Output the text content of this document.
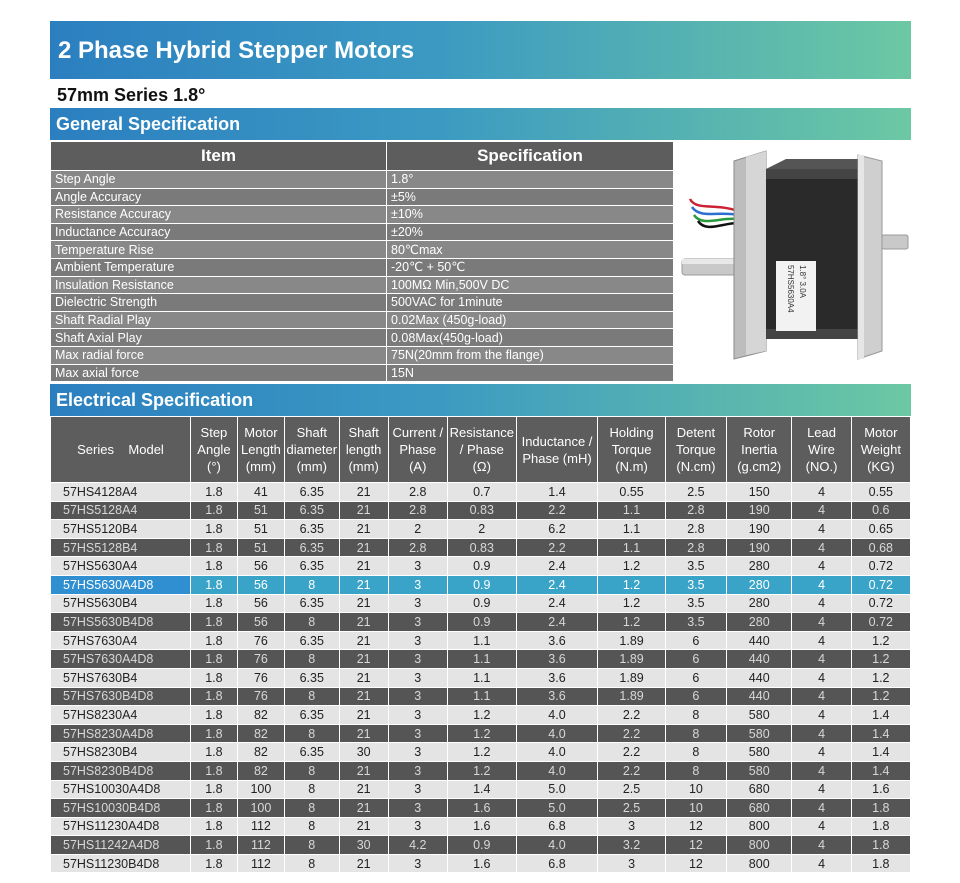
2 Phase Hybrid Stepper Motors
57mm Series 1.8°
General Specification
Item	Specification
Step Angle	1.8°
Angle Accuracy	±5%
Resistance Accuracy	±10%
Inductance Accuracy	±20%
Temperature Rise	80℃max
Ambient Temperature	-20℃ + 50℃
Insulation Resistance	100MΩ Min,500V DC
Dielectric Strength	500VAC for 1minute
Shaft Radial Play	0.02Max (450g-load)
Shaft Axial Play	0.08Max(450g-load)
Max radial force	75N(20mm from the flange)
Max axial force	15N
57HS5630A4 1.8° 3.0A
Electrical Specification
Series    Model	Step Angle (°)	Motor Length (mm)	Shaft diameter (mm)	Shaft length (mm)	Current / Phase (A)	Resistance / Phase (Ω)	Inductance / Phase (mH)	Holding Torque (N.m)	Detent Torque (N.cm)	Rotor Inertia (g.cm2)	Lead Wire (NO.)	Motor Weight (KG)
57HS4128A4	1.8	41	6.35	21	2.8	0.7	1.4	0.55	2.5	150	4	0.55
57HS5128A4	1.8	51	6.35	21	2.8	0.83	2.2	1.1	2.8	190	4	0.6
57HS5120B4	1.8	51	6.35	21	2	2	6.2	1.1	2.8	190	4	0.65
57HS5128B4	1.8	51	6.35	21	2.8	0.83	2.2	1.1	2.8	190	4	0.68
57HS5630A4	1.8	56	6.35	21	3	0.9	2.4	1.2	3.5	280	4	0.72
57HS5630A4D8	1.8	56	8	21	3	0.9	2.4	1.2	3.5	280	4	0.72
57HS5630B4	1.8	56	6.35	21	3	0.9	2.4	1.2	3.5	280	4	0.72
57HS5630B4D8	1.8	56	8	21	3	0.9	2.4	1.2	3.5	280	4	0.72
57HS7630A4	1.8	76	6.35	21	3	1.1	3.6	1.89	6	440	4	1.2
57HS7630A4D8	1.8	76	8	21	3	1.1	3.6	1.89	6	440	4	1.2
57HS7630B4	1.8	76	6.35	21	3	1.1	3.6	1.89	6	440	4	1.2
57HS7630B4D8	1.8	76	8	21	3	1.1	3.6	1.89	6	440	4	1.2
57HS8230A4	1.8	82	6.35	21	3	1.2	4.0	2.2	8	580	4	1.4
57HS8230A4D8	1.8	82	8	21	3	1.2	4.0	2.2	8	580	4	1.4
57HS8230B4	1.8	82	6.35	30	3	1.2	4.0	2.2	8	580	4	1.4
57HS8230B4D8	1.8	82	8	21	3	1.2	4.0	2.2	8	580	4	1.4
57HS10030A4D8	1.8	100	8	21	3	1.4	5.0	2.5	10	680	4	1.6
57HS10030B4D8	1.8	100	8	21	3	1.6	5.0	2.5	10	680	4	1.8
57HS11230A4D8	1.8	112	8	21	3	1.6	6.8	3	12	800	4	1.8
57HS11242A4D8	1.8	112	8	30	4.2	0.9	4.0	3.2	12	800	4	1.8
57HS11230B4D8	1.8	112	8	21	3	1.6	6.8	3	12	800	4	1.8
